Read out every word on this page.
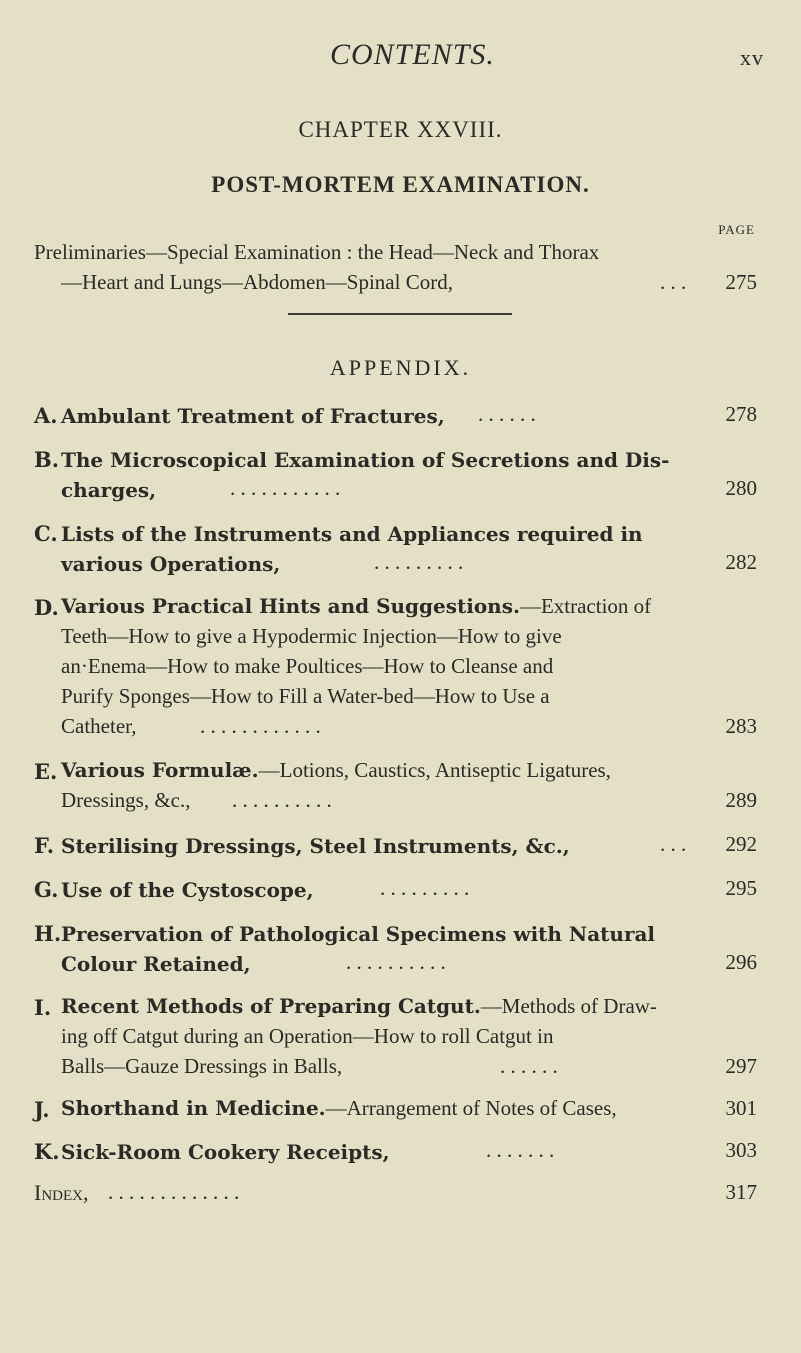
CONTENTS.	xv
CHAPTER XXVIII.
POST-MORTEM EXAMINATION.
PAGE
Preliminaries—Special Examination : the Head—Neck and Thorax
—Heart and Lungs—Abdomen—Spinal Cord,	. . . 275
APPENDIX.
A. Ambulant Treatment of Fractures, . . . . . .	278
B. The Microscopical Examination of Secretions and Dis-
charges,	. . . . . . . . . . .	280
C. Lists of the Instruments and Appliances required in
various Operations,	. . . . . . . . .	282
D. Various Practical Hints and Suggestions.—Extraction of
Teeth—How to give a Hypodermic Injection—How to give
an·Enema—How to make Poultices—How to Cleanse and
Purify Sponges—How to Fill a Water-bed—How to Use a
Catheter,	. . . . . . . . . . . .	283
E. Various Formulæ.—Lotions, Caustics, Antiseptic Ligatures,
Dressings, &c., . . . . . . . . . .	289
F. Sterilising Dressings, Steel Instruments, &c.,	. . . 292
G. Use of the Cystoscope,	. . . . . . . . .	295
H. Preservation of Pathological Specimens with Natural
Colour Retained,	. . . . . . . . . .	296
I. Recent Methods of Preparing Catgut.—Methods of Draw-
ing off Catgut during an Operation—How to roll Catgut in
Balls—Gauze Dressings in Balls,	. . . . . .	297
J. Shorthand in Medicine.—Arrangement of Notes of Cases,	301
K. Sick-Room Cookery Receipts,	. . . . . . .	303
Index, . . . . . . . . . . . . .	317
